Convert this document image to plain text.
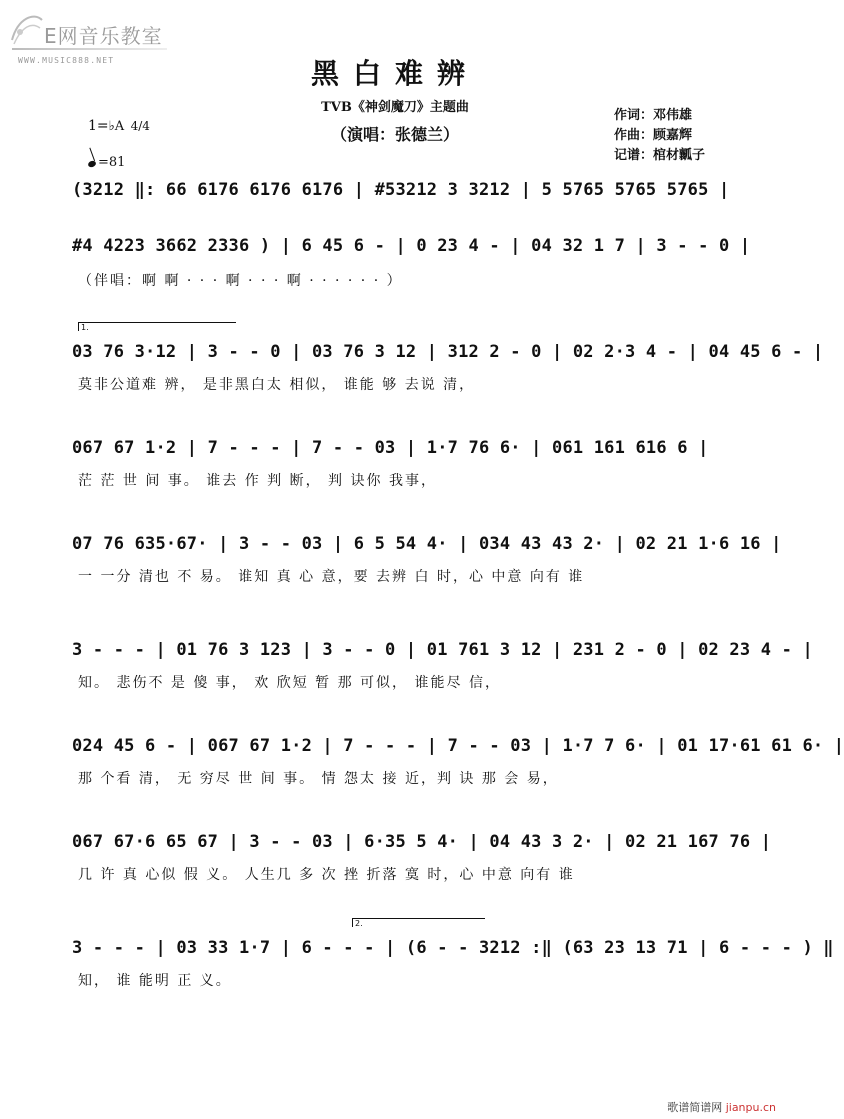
E网音乐教室
WWW.MUSIC888.NET	黑白难辨
TVB《神剑魔刀》主题曲
（演唱：张德兰）
作词：邓伟雄
作曲：顾嘉辉
记谱：棺材瓤子
1=♭A 4/4
=81
(3212 ‖: 66 6176 6176 6176 | #53212 3 3212 | 5 5765 5765 5765 |
#4 4223 3662 2336 ) | 6 45 6 - | 0 23 4 - | 04 32 1 7 | 3 - - 0 |
（伴唱：啊 啊 · · · 啊 · · · 啊 · · · · · · ）
1.
03 76 3·12 | 3 - - 0 | 03 76 3 12 | 312 2 - 0 | 02 2·3 4 - | 04 45 6 - |
莫非公道难 辨， 是非黑白太 相似， 谁能 够 去说 清，
067 67 1·2 | 7 - - - | 7 - - 03 | 1·7 76 6· | 061 161 616 6 |
茫 茫 世 间 事。 谁去 作 判 断， 判 诀你 我事，
07 76 635·67· | 3 - - 03 | 6 5 54 4· | 034 43 43 2· | 02 21 1·6 16 |
一 一分 清也 不 易。 谁知 真 心 意，要 去辨 白 时，心 中意 向有 谁
3 - - - | 01 76 3 123 | 3 - - 0 | 01 761 3 12 | 231 2 - 0 | 02 23 4 - |
知。 悲伤不 是 傻 事， 欢 欣短 暂 那 可似， 谁能尽 信，
024 45 6 - | 067 67 1·2 | 7 - - - | 7 - - 03 | 1·7 7 6· | 01 17·61 61 6· |
那 个看 清， 无 穷尽 世 间 事。 情 怨太 接 近，判 诀 那 会 易，
067 67·6 65 67 | 3 - - 03 | 6·35 5 4· | 04 43 3 2· | 02 21 167 76 |
几 许 真 心似 假 义。 人生几 多 次 挫 折落 寞 时，心 中意 向有 谁
2.
3 - - - | 03 33 1·7 | 6 - - - | (6 - - 3212 :‖ (63 23 13 71 | 6 - - - ) ‖
知， 谁 能明 正 义。
歌谱简谱网 jianpu.cn
